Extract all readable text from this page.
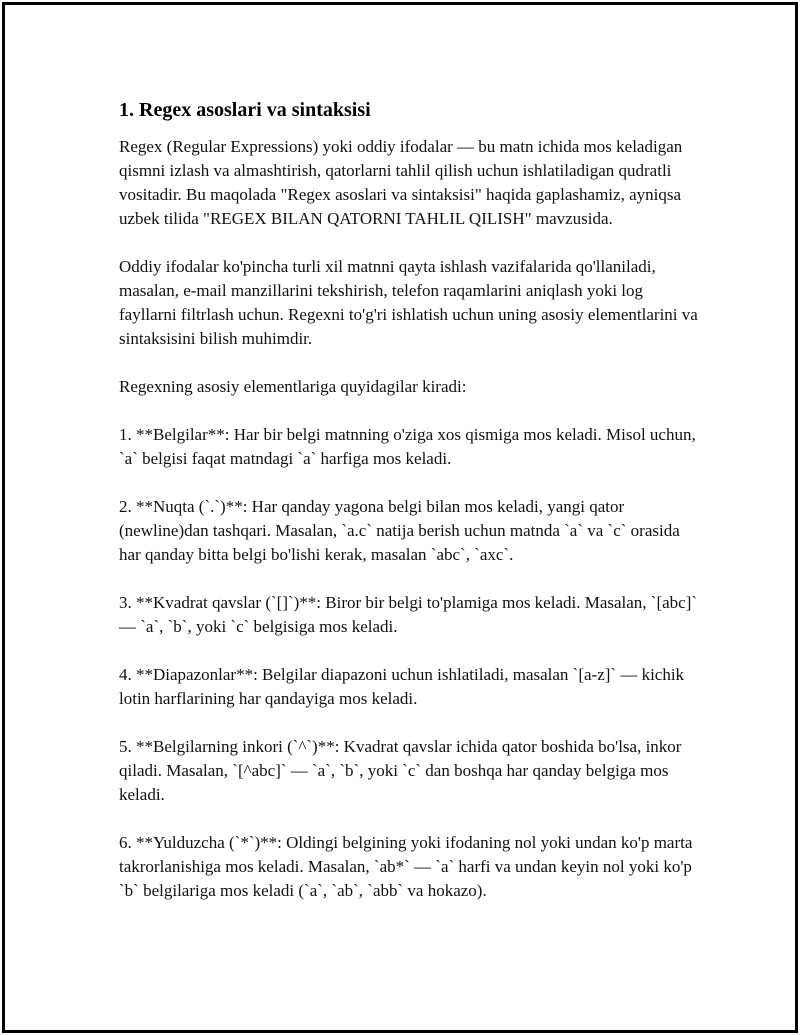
1. Regex asoslari va sintaksisi

Regex (Regular Expressions) yoki oddiy ifodalar — bu matn ichida mos keladigan qismni izlash va almashtirish, qatorlarni tahlil qilish uchun ishlatiladigan qudratli vositadir. Bu maqolada "Regex asoslari va sintaksisi" haqida gaplashamiz, ayniqsa uzbek tilida "REGEX BILAN QATORNI TAHLIL QILISH" mavzusida.

Oddiy ifodalar ko'pincha turli xil matnni qayta ishlash vazifalarida qo'llaniladi, masalan, e-mail manzillarini tekshirish, telefon raqamlarini aniqlash yoki log fayllarni filtrlash uchun. Regexni to'g'ri ishlatish uchun uning asosiy elementlarini va sintaksisini bilish muhimdir.

Regexning asosiy elementlariga quyidagilar kiradi:

1. **Belgilar**: Har bir belgi matnning o'ziga xos qismiga mos keladi. Misol uchun, `a` belgisi faqat matndagi `a` harfiga mos keladi.

2. **Nuqta (`.`)**: Har qanday yagona belgi bilan mos keladi, yangi qator (newline)dan tashqari. Masalan, `a.c` natija berish uchun matnda `a` va `c` orasida har qanday bitta belgi bo'lishi kerak, masalan `abc`, `axc`.

3. **Kvadrat qavslar (`[]`)**: Biror bir belgi to'plamiga mos keladi. Masalan, `[abc]` — `a`, `b`, yoki `c` belgisiga mos keladi.

4. **Diapazonlar**: Belgilar diapazoni uchun ishlatiladi, masalan `[a-z]` — kichik lotin harflarining har qandayiga mos keladi.

5. **Belgilarning inkori (`^`)**: Kvadrat qavslar ichida qator boshida bo'lsa, inkor qiladi. Masalan, `[^abc]` — `a`, `b`, yoki `c` dan boshqa har qanday belgiga mos keladi.

6. **Yulduzcha (`*`)**: Oldingi belgining yoki ifodaning nol yoki undan ko'p marta takrorlanishiga mos keladi. Masalan, `ab*` — `a` harfi va undan keyin nol yoki ko'p `b` belgilariga mos keladi (`a`, `ab`, `abb` va hokazo).
